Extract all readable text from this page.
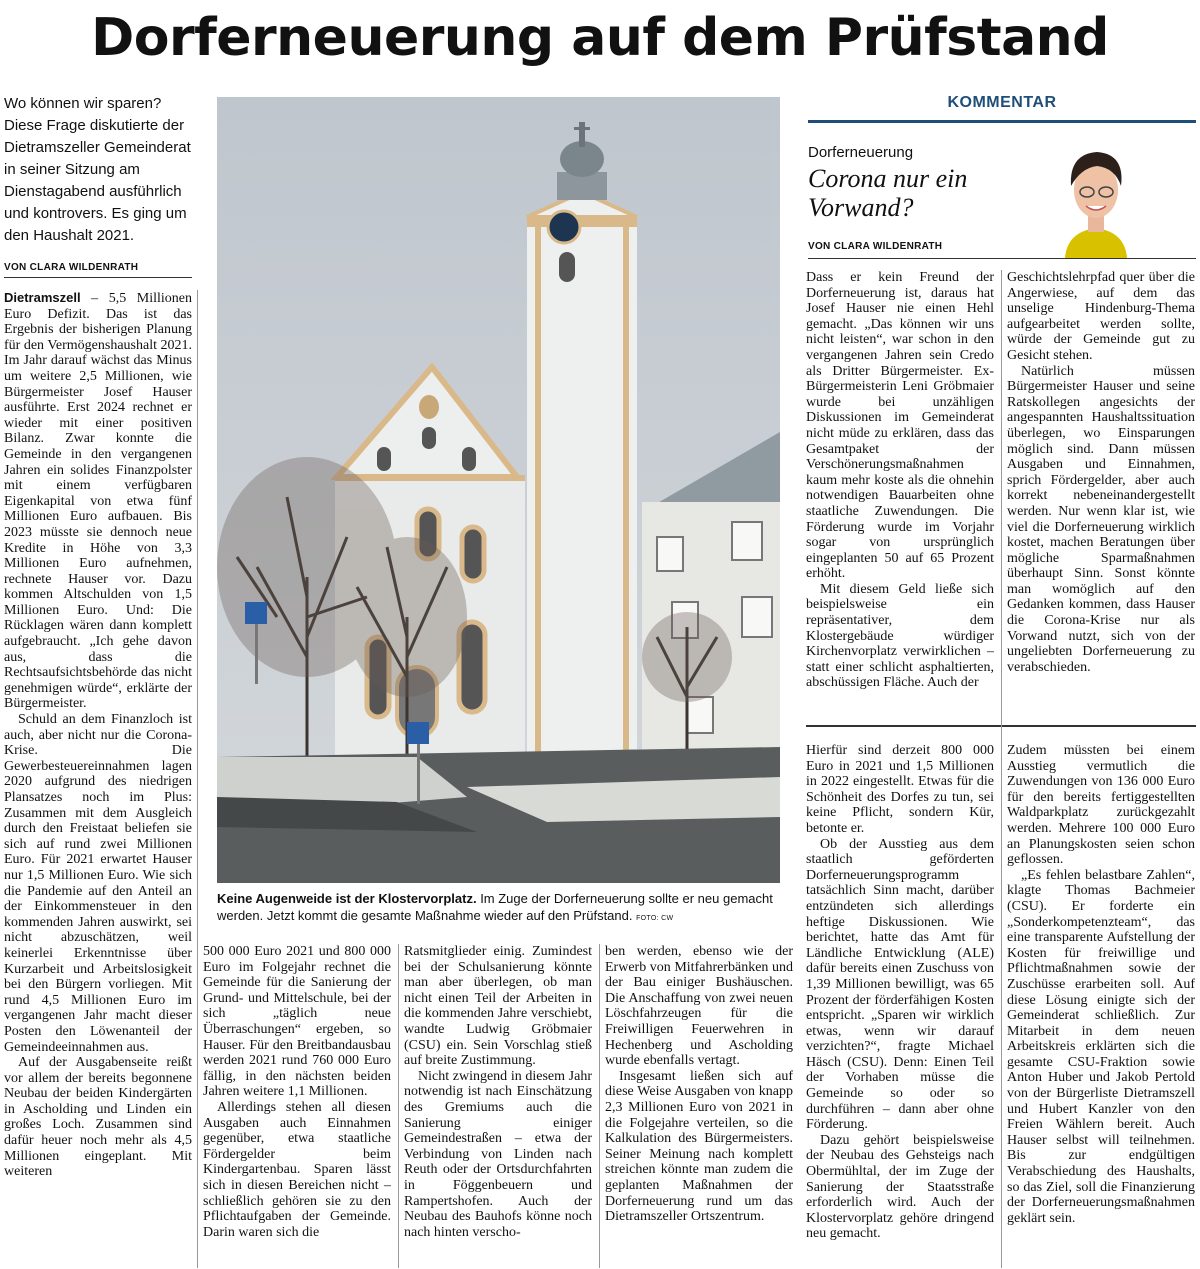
Dorferneuerung auf dem Prüfstand
Wo können wir sparen? Diese Frage diskutierte der Dietramszeller Gemeinderat in seiner Sitzung am Dienstagabend ausführlich und kontrovers. Es ging um den Haushalt 2021.
VON CLARA WILDENRATH

Dietramszell – 5,5 Millionen Euro Defizit. Das ist das Ergebnis der bisherigen Planung für den Vermögenshaushalt 2021. Im Jahr darauf wächst das Minus um weitere 2,5 Millionen, wie Bürgermeister Josef Hauser ausführte. Erst 2024 rechnet er wieder mit einer positiven Bilanz. Zwar konnte die Gemeinde in den vergangenen Jahren ein solides Finanzpolster mit einem verfügbaren Eigenkapital von etwa fünf Millionen Euro aufbauen. Bis 2023 müsste sie dennoch neue Kredite in Höhe von 3,3 Millionen Euro aufnehmen, rechnete Hauser vor. Dazu kommen Altschulden von 1,5 Millionen Euro. Und: Die Rücklagen wären dann komplett aufgebraucht. „Ich gehe davon aus, dass die Rechtsaufsichtsbehörde das nicht genehmigen würde“, erklärte der Bürgermeister.

Schuld an dem Finanzloch ist auch, aber nicht nur die Corona-Krise. Die Gewerbesteuereinnahmen lagen 2020 aufgrund des niedrigen Plansatzes noch im Plus: Zusammen mit dem Ausgleich durch den Freistaat beliefen sie sich auf rund zwei Millionen Euro. Für 2021 erwartet Hauser nur 1,5 Millionen Euro. Wie sich die Pandemie auf den Anteil an der Einkommensteuer in den kommenden Jahren auswirkt, sei nicht abzuschätzen, weil keinerlei Erkenntnisse über Kurzarbeit und Arbeitslosigkeit bei den Bürgern vorliegen. Mit rund 4,5 Millionen Euro im vergangenen Jahr macht dieser Posten den Löwenanteil der Gemeindeeinnahmen aus.

Auf der Ausgabenseite reißt vor allem der bereits begonnene Neubau der beiden Kindergärten in Ascholding und Linden ein großes Loch. Zusammen sind dafür heuer noch mehr als 4,5 Millionen eingeplant. Mit weiteren

Keine Augenweide ist der Klostervorplatz. Im Zuge der Dorferneuerung sollte er neu gemacht werden. Jetzt kommt die gesamte Maßnahme wieder auf den Prüfstand. FOTO: CW

500 000 Euro 2021 und 800 000 Euro im Folgejahr rechnet die Gemeinde für die Sanierung der Grund- und Mittelschule, bei der sich „täglich neue Überraschungen“ ergeben, so Hauser. Für den Breitbandausbau werden 2021 rund 760 000 Euro fällig, in den nächsten beiden Jahren weitere 1,1 Millionen.

Allerdings stehen all diesen Ausgaben auch Einnahmen gegenüber, etwa staatliche Fördergelder beim Kindergartenbau. Sparen lässt sich in diesen Bereichen nicht – schließlich gehören sie zu den Pflichtaufgaben der Gemeinde. Darin waren sich die

Ratsmitglieder einig. Zumindest bei der Schulsanierung könnte man aber überlegen, ob man nicht einen Teil der Arbeiten in die kommenden Jahre verschiebt, wandte Ludwig Gröbmaier (CSU) ein. Sein Vorschlag stieß auf breite Zustimmung.

Nicht zwingend in diesem Jahr notwendig ist nach Einschätzung des Gremiums auch die Sanierung einiger Gemeindestraßen – etwa der Verbindung von Linden nach Reuth oder der Ortsdurchfahrten in Föggenbeuern und Rampertshofen. Auch der Neubau des Bauhofs könne noch nach hinten verscho-

ben werden, ebenso wie der Erwerb von Mitfahrerbänken und der Bau einiger Bushäuschen. Die Anschaffung von zwei neuen Löschfahrzeugen für die Freiwilligen Feuerwehren in Hechenberg und Ascholding wurde ebenfalls vertagt.

Insgesamt ließen sich auf diese Weise Ausgaben von knapp 2,3 Millionen Euro von 2021 in die Folgejahre verteilen, so die Kalkulation des Bürgermeisters. Seiner Meinung nach komplett streichen könnte man zudem die geplanten Maßnahmen der Dorferneuerung rund um das Dietramszeller Ortszentrum.

Hierfür sind derzeit 800 000 Euro in 2021 und 1,5 Millionen in 2022 eingestellt. Etwas für die Schönheit des Dorfes zu tun, sei keine Pflicht, sondern Kür, betonte er.

Ob der Ausstieg aus dem staatlich geförderten Dorferneuerungsprogramm tatsächlich Sinn macht, darüber entzündeten sich allerdings heftige Diskussionen. Wie berichtet, hatte das Amt für Ländliche Entwicklung (ALE) dafür bereits einen Zuschuss von 1,39 Millionen bewilligt, was 65 Prozent der förderfähigen Kosten entspricht. „Sparen wir wirklich etwas, wenn wir darauf verzichten?“, fragte Michael Häsch (CSU). Denn: Einen Teil der Vorhaben müsse die Gemeinde so oder so durchführen – dann aber ohne Förderung.

Dazu gehört beispielsweise der Neubau des Gehsteigs nach Obermühltal, der im Zuge der Sanierung der Staatsstraße erforderlich wird. Auch der Klostervorplatz gehöre dringend neu gemacht.

Zudem müssten bei einem Ausstieg vermutlich die Zuwendungen von 136 000 Euro für den bereits fertiggestellten Waldparkplatz zurückgezahlt werden. Mehrere 100 000 Euro an Planungskosten seien schon geflossen.

„Es fehlen belastbare Zahlen“, klagte Thomas Bachmeier (CSU). Er forderte ein „Sonderkompetenzteam“, das eine transparente Aufstellung der Kosten für freiwillige und Pflichtmaßnahmen sowie der Zuschüsse erarbeiten soll. Auf diese Lösung einigte sich der Gemeinderat schließlich. Zur Mitarbeit in dem neuen Arbeitskreis erklärten sich die gesamte CSU-Fraktion sowie Anton Huber und Jakob Pertold von der Bürgerliste Dietramszell und Hubert Kanzler von den Freien Wählern bereit. Auch Hauser selbst will teilnehmen. Bis zur endgültigen Verabschiedung des Haushalts, so das Ziel, soll die Finanzierung der Dorferneuerungsmaßnahmen geklärt sein.

KOMMENTAR
Dorferneuerung
Corona nur ein Vorwand?
VON CLARA WILDENRATH

Dass er kein Freund der Dorferneuerung ist, daraus hat Josef Hauser nie einen Hehl gemacht. „Das können wir uns nicht leisten“, war schon in den vergangenen Jahren sein Credo als Dritter Bürgermeister. Ex-Bürgermeisterin Leni Gröbmaier wurde bei unzähligen Diskussionen im Gemeinderat nicht müde zu erklären, dass das Gesamtpaket der Verschönerungsmaßnahmen kaum mehr koste als die ohnehin notwendigen Bauarbeiten ohne staatliche Zuwendungen. Die Förderung wurde im Vorjahr sogar von ursprünglich eingeplanten 50 auf 65 Prozent erhöht.

Mit diesem Geld ließe sich beispielsweise ein repräsentativer, dem Klostergebäude würdiger Kirchenvorplatz verwirklichen – statt einer schlicht asphaltierten, abschüssigen Fläche. Auch der

Geschichtslehrpfad quer über die Angerwiese, auf dem das unselige Hindenburg-Thema aufgearbeitet werden sollte, würde der Gemeinde gut zu Gesicht stehen.

Natürlich müssen Bürgermeister Hauser und seine Ratskollegen angesichts der angespannten Haushaltssituation überlegen, wo Einsparungen möglich sind. Dann müssen Ausgaben und Einnahmen, sprich Fördergelder, aber auch korrekt nebeneinandergestellt werden. Nur wenn klar ist, wie viel die Dorferneuerung wirklich kostet, machen Beratungen über mögliche Sparmaßnahmen überhaupt Sinn. Sonst könnte man womöglich auf den Gedanken kommen, dass Hauser die Corona-Krise nur als Vorwand nutzt, sich von der ungeliebten Dorferneuerung zu verabschieden.
